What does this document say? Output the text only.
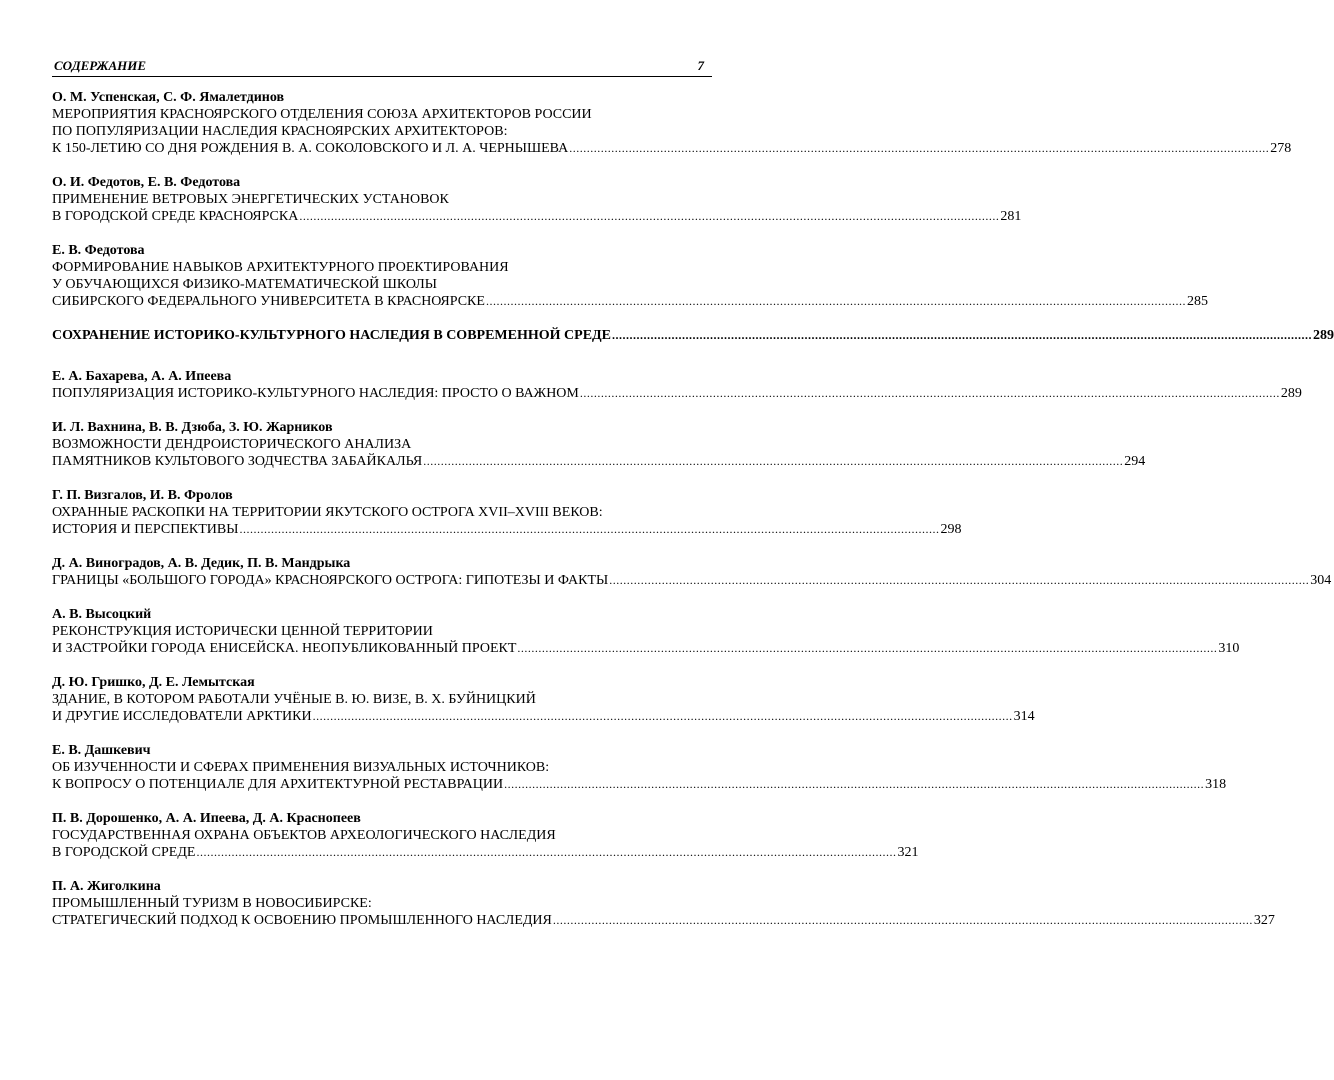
СОДЕРЖАНИЕ	7
О. М. Успенская, С. Ф. Ямалетдинов
МЕРОПРИЯТИЯ КРАСНОЯРСКОГО ОТДЕЛЕНИЯ СОЮЗА АРХИТЕКТОРОВ РОССИИ
ПО ПОПУЛЯРИЗАЦИИ НАСЛЕДИЯ КРАСНОЯРСКИХ АРХИТЕКТОРОВ:
К 150-ЛЕТИЮ СО ДНЯ РОЖДЕНИЯ В. А. СОКОЛОВСКОГО И Л. А. ЧЕРНЫШЕВА ........................................................................................................................................................................................................ 278
О. И. Федотов, Е. В. Федотова
ПРИМЕНЕНИЕ ВЕТРОВЫХ ЭНЕРГЕТИЧЕСКИХ УСТАНОВОК
В ГОРОДСКОЙ СРЕДЕ КРАСНОЯРСКА ........................................................................................................................................................................................................ 281
Е. В. Федотова
ФОРМИРОВАНИЕ НАВЫКОВ АРХИТЕКТУРНОГО ПРОЕКТИРОВАНИЯ
У ОБУЧАЮЩИХСЯ ФИЗИКО-МАТЕМАТИЧЕСКОЙ ШКОЛЫ
СИБИРСКОГО ФЕДЕРАЛЬНОГО УНИВЕРСИТЕТА В КРАСНОЯРСКЕ ........................................................................................................................................................................................................ 285
СОХРАНЕНИЕ ИСТОРИКО-КУЛЬТУРНОГО НАСЛЕДИЯ В СОВРЕМЕННОЙ СРЕДЕ ........................................................................................................................................................................................................ 289
Е. А. Бахарева, А. А. Ипеева
ПОПУЛЯРИЗАЦИЯ ИСТОРИКО-КУЛЬТУРНОГО НАСЛЕДИЯ: ПРОСТО О ВАЖНОМ ........................................................................................................................................................................................................ 289
И. Л. Вахнина, В. В. Дзюба, З. Ю. Жарников
ВОЗМОЖНОСТИ ДЕНДРОИСТОРИЧЕСКОГО АНАЛИЗА
ПАМЯТНИКОВ КУЛЬТОВОГО ЗОДЧЕСТВА ЗАБАЙКАЛЬЯ ........................................................................................................................................................................................................ 294
Г. П. Визгалов, И. В. Фролов
ОХРАННЫЕ РАСКОПКИ НА ТЕРРИТОРИИ ЯКУТСКОГО ОСТРОГА XVII–XVIII ВЕКОВ:
ИСТОРИЯ И ПЕРСПЕКТИВЫ ........................................................................................................................................................................................................ 298
Д. А. Виноградов, А. В. Дедик, П. В. Мандрыка
ГРАНИЦЫ «БОЛЬШОГО ГОРОДА» КРАСНОЯРСКОГО ОСТРОГА: ГИПОТЕЗЫ И ФАКТЫ ........................................................................................................................................................................................................ 304
А. В. Высоцкий
РЕКОНСТРУКЦИЯ ИСТОРИЧЕСКИ ЦЕННОЙ ТЕРРИТОРИИ
И ЗАСТРОЙКИ ГОРОДА ЕНИСЕЙСКА. НЕОПУБЛИКОВАННЫЙ ПРОЕКТ ........................................................................................................................................................................................................ 310
Д. Ю. Гришко, Д. Е. Лемытская
ЗДАНИЕ, В КОТОРОМ РАБОТАЛИ УЧЁНЫЕ В. Ю. ВИЗЕ, В. Х. БУЙНИЦКИЙ
И ДРУГИЕ ИССЛЕДОВАТЕЛИ АРКТИКИ ........................................................................................................................................................................................................ 314
Е. В. Дашкевич
ОБ ИЗУЧЕННОСТИ И СФЕРАХ ПРИМЕНЕНИЯ ВИЗУАЛЬНЫХ ИСТОЧНИКОВ:
К ВОПРОСУ О ПОТЕНЦИАЛЕ ДЛЯ АРХИТЕКТУРНОЙ РЕСТАВРАЦИИ ........................................................................................................................................................................................................ 318
П. В. Дорошенко, А. А. Ипеева, Д. А. Краснопеев
ГОСУДАРСТВЕННАЯ ОХРАНА ОБЪЕКТОВ АРХЕОЛОГИЧЕСКОГО НАСЛЕДИЯ
В ГОРОДСКОЙ СРЕДЕ ........................................................................................................................................................................................................ 321
П. А. Жиголкина
ПРОМЫШЛЕННЫЙ ТУРИЗМ В НОВОСИБИРСКЕ:
СТРАТЕГИЧЕСКИЙ ПОДХОД К ОСВОЕНИЮ ПРОМЫШЛЕННОГО НАСЛЕДИЯ ........................................................................................................................................................................................................ 327
